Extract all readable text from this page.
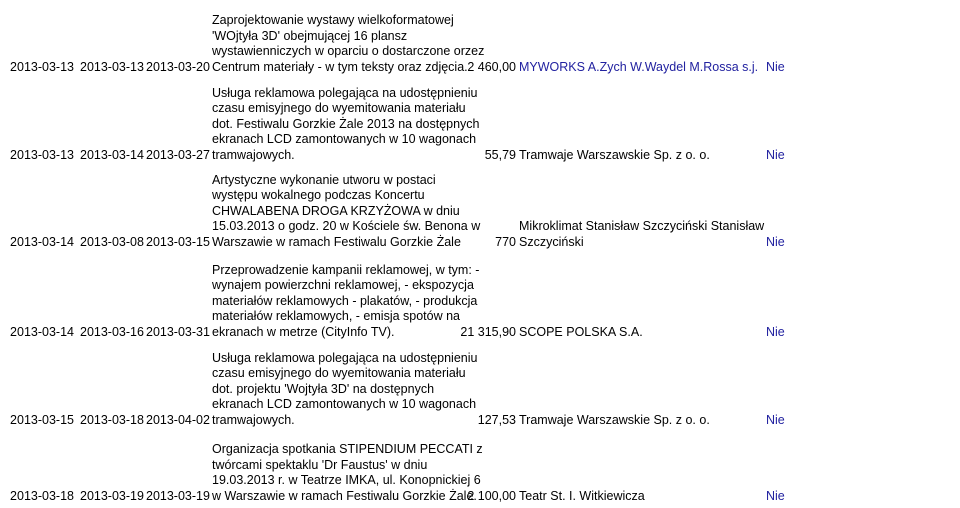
2013-03-13 2013-03-13 2013-03-20
Zaprojektowanie wystawy wielkoformatowej
'WOjtyła 3D' obejmującej 16 plansz
wystawienniczych w oparciu o dostarczone orzez
Centrum materiały - w tym teksty oraz zdjęcia. 2 460,00 MYWORKS A.Zych W.Waydel M.Rossa s.j. Nie
2013-03-13 2013-03-14 2013-03-27
Usługa reklamowa polegająca na udostępnieniu
czasu emisyjnego do wyemitowania materiału
dot. Festiwalu Gorzkie Żale 2013 na dostępnych
ekranach LCD zamontowanych w 10 wagonach
tramwajowych.	55,79 Tramwaje Warszawskie Sp. z o. o.	Nie
2013-03-14 2013-03-08 2013-03-15
Artystyczne wykonanie utworu w postaci
występu wokalnego podczas Koncertu
CHWALABENA DROGA KRZYŻOWA w dniu
15.03.2013 o godz. 20 w Kościele św. Benona w
Warszawie w ramach Festiwalu Gorzkie Żale	770
Mikroklimat Stanisław Szczyciński Stanisław
Szczyciński	Nie
2013-03-14 2013-03-16 2013-03-31
Przeprowadzenie kampanii reklamowej, w tym: -
wynajem powierzchni reklamowej, - ekspozycja
materiałów reklamowych - plakatów, - produkcja
materiałów reklamowych, - emisja spotów na
ekranach w metrze (CityInfo TV).	21 315,90 SCOPE POLSKA S.A.	Nie
2013-03-15 2013-03-18 2013-04-02
Usługa reklamowa polegająca na udostępnieniu
czasu emisyjnego do wyemitowania materiału
dot. projektu 'Wojtyła 3D' na dostępnych
ekranach LCD zamontowanych w 10 wagonach
tramwajowych.	127,53 Tramwaje Warszawskie Sp. z o. o.	Nie
2013-03-18 2013-03-19 2013-03-19
Organizacja spotkania STIPENDIUM PECCATI z
twórcami spektaklu 'Dr Faustus' w dniu
19.03.2013 r. w Teatrze IMKA, ul. Konopnickiej 6
w Warszawie w ramach Festiwalu Gorzkie Żale.
2 100,00 Teatr St. I. Witkiewicza	Nie
